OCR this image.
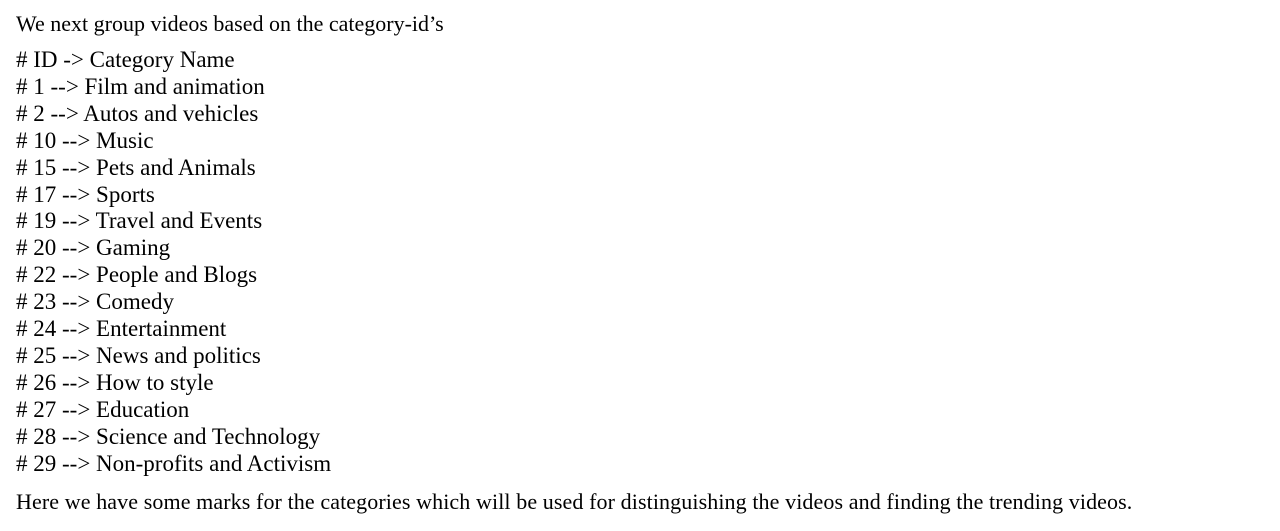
We next group videos based on the category-id’s
# ID -> Category Name
# 1 --> Film and animation
# 2 --> Autos and vehicles
# 10 --> Music
# 15 --> Pets and Animals
# 17 --> Sports
# 19 --> Travel and Events
# 20 --> Gaming
# 22 --> People and Blogs
# 23 --> Comedy
# 24 --> Entertainment
# 25 --> News and politics
# 26 --> How to style
# 27 --> Education
# 28 --> Science and Technology
# 29 --> Non-profits and Activism
Here we have some marks for the categories which will be used for distinguishing the videos and finding the trending videos.
